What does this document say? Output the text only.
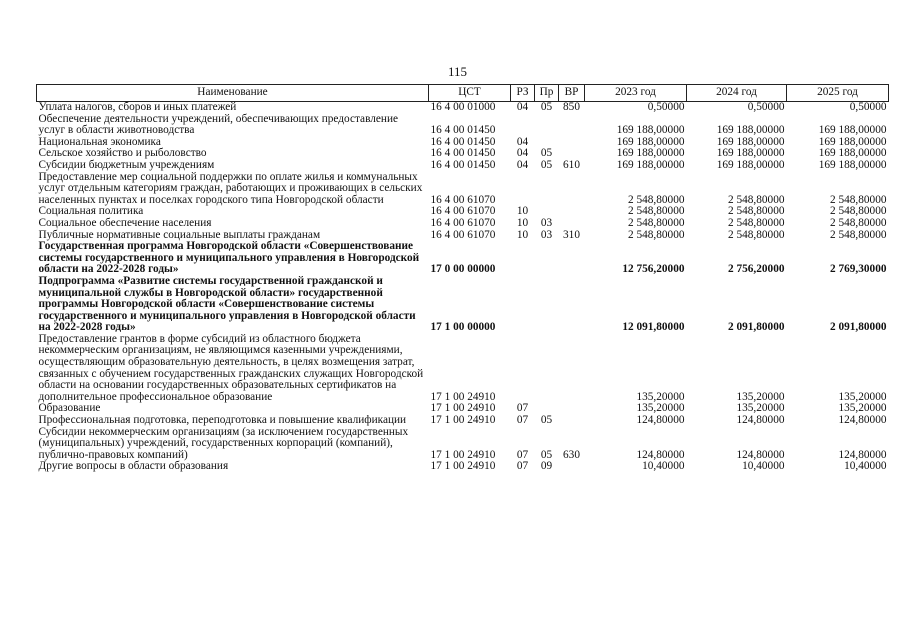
115
Наименование	ЦСТ	РЗ	Пр	ВР	2023 год	2024 год	2025 год
Уплата налогов, сборов и иных платежей	16 4 00 01000	04	05	850	0,50000	0,50000	0,50000
Обеспечение деятельности учреждений, обеспечивающих предоставление услуг в области животноводства	16 4 00 01450				169 188,00000	169 188,00000	169 188,00000
Национальная экономика	16 4 00 01450	04			169 188,00000	169 188,00000	169 188,00000
Сельское хозяйство и рыболовство	16 4 00 01450	04	05		169 188,00000	169 188,00000	169 188,00000
Субсидии бюджетным учреждениям	16 4 00 01450	04	05	610	169 188,00000	169 188,00000	169 188,00000
Предоставление мер социальной поддержки по оплате жилья и коммунальных услуг отдельным категориям граждан, работающих и проживающих в сельских населенных пунктах и поселках городского типа Новгородской области	16 4 00 61070				2 548,80000	2 548,80000	2 548,80000
Социальная политика	16 4 00 61070	10			2 548,80000	2 548,80000	2 548,80000
Социальное обеспечение населения	16 4 00 61070	10	03		2 548,80000	2 548,80000	2 548,80000
Публичные нормативные социальные выплаты гражданам	16 4 00 61070	10	03	310	2 548,80000	2 548,80000	2 548,80000
Государственная программа Новгородской области «Совершенствование системы государственного и муниципального управления в Новгородской области на 2022-2028 годы»	17 0 00 00000				12 756,20000	2 756,20000	2 769,30000
Подпрограмма «Развитие системы государственной гражданской и муниципальной службы в Новгородской области» государственной программы Новгородской области «Совершенствование системы государственного и муниципального управления в Новгородской области на 2022-2028 годы»	17 1 00 00000				12 091,80000	2 091,80000	2 091,80000
Предоставление грантов в форме субсидий из областного бюджета некоммерческим организациям, не являющимся казенными учреждениями, осуществляющим образовательную деятельность, в целях возмещения затрат, связанных с обучением государственных гражданских служащих Новгородской области на основании государственных образовательных сертификатов на дополнительное профессиональное образование	17 1 00 24910				135,20000	135,20000	135,20000
Образование	17 1 00 24910	07			135,20000	135,20000	135,20000
Профессиональная подготовка, переподготовка и повышение квалификации	17 1 00 24910	07	05		124,80000	124,80000	124,80000
Субсидии некоммерческим организациям (за исключением государственных (муниципальных) учреждений, государственных корпораций (компаний), публично-правовых компаний)	17 1 00 24910	07	05	630	124,80000	124,80000	124,80000
Другие вопросы в области образования	17 1 00 24910	07	09		10,40000	10,40000	10,40000
